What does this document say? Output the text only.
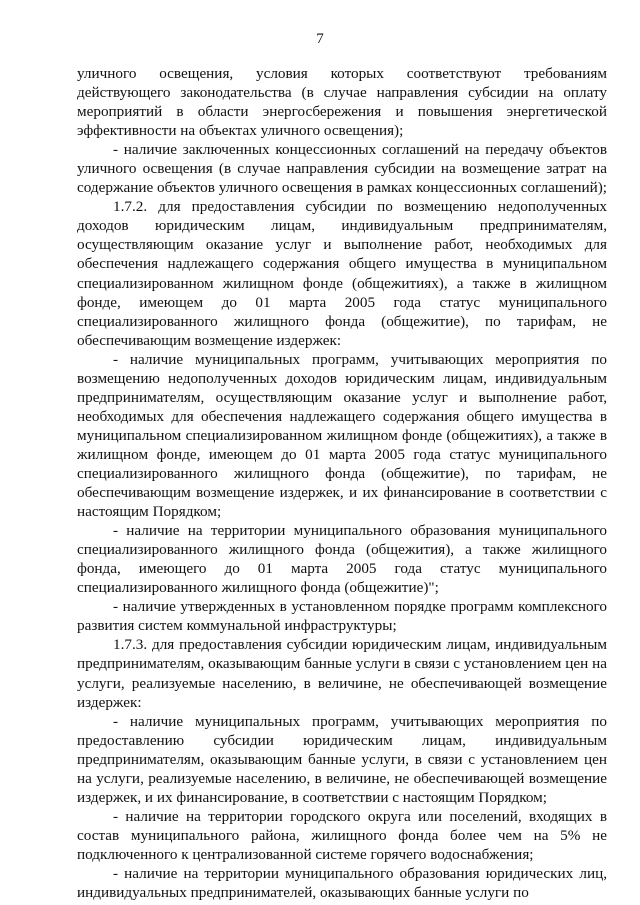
7

уличного освещения, условия которых соответствуют требованиям действующего законодательства (в случае направления субсидии на оплату мероприятий в области энергосбережения и повышения энергетической эффективности на объектах уличного освещения);

- наличие заключенных концессионных соглашений на передачу объектов уличного освещения (в случае направления субсидии на возмещение затрат на содержание объектов уличного освещения в рамках концессионных соглашений);

1.7.2. для предоставления субсидии по возмещению недополученных доходов юридическим лицам, индивидуальным предпринимателям, осуществляющим оказание услуг и выполнение работ, необходимых для обеспечения надлежащего содержания общего имущества в муниципальном специализированном жилищном фонде (общежитиях), а также в жилищном фонде, имеющем до 01 марта 2005 года статус муниципального специализированного жилищного фонда (общежитие), по тарифам, не обеспечивающим возмещение издержек:

- наличие муниципальных программ, учитывающих мероприятия по возмещению недополученных доходов юридическим лицам, индивидуальным предпринимателям, осуществляющим оказание услуг и выполнение работ, необходимых для обеспечения надлежащего содержания общего имущества в муниципальном специализированном жилищном фонде (общежитиях), а также в жилищном фонде, имеющем до 01 марта 2005 года статус муниципального специализированного жилищного фонда (общежитие), по тарифам, не обеспечивающим возмещение издержек, и их финансирование в соответствии с настоящим Порядком;

- наличие на территории муниципального образования муниципального специализированного жилищного фонда (общежития), а также жилищного фонда, имеющего до 01 марта 2005 года статус муниципального специализированного жилищного фонда (общежитие)";

- наличие утвержденных в установленном порядке программ комплексного развития систем коммунальной инфраструктуры;

1.7.3. для предоставления субсидии юридическим лицам, индивидуальным предпринимателям, оказывающим банные услуги в связи с установлением цен на услуги, реализуемые населению, в величине, не обеспечивающей возмещение издержек:

- наличие муниципальных программ, учитывающих мероприятия по предоставлению субсидии юридическим лицам, индивидуальным предпринимателям, оказывающим банные услуги, в связи с установлением цен на услуги, реализуемые населению, в величине, не обеспечивающей возмещение издержек, и их финансирование, в соответствии с настоящим Порядком;

- наличие на территории городского округа или поселений, входящих в состав муниципального района, жилищного фонда более чем на 5% не подключенного к централизованной системе горячего водоснабжения;

- наличие на территории муниципального образования юридических лиц, индивидуальных предпринимателей, оказывающих банные услуги по
